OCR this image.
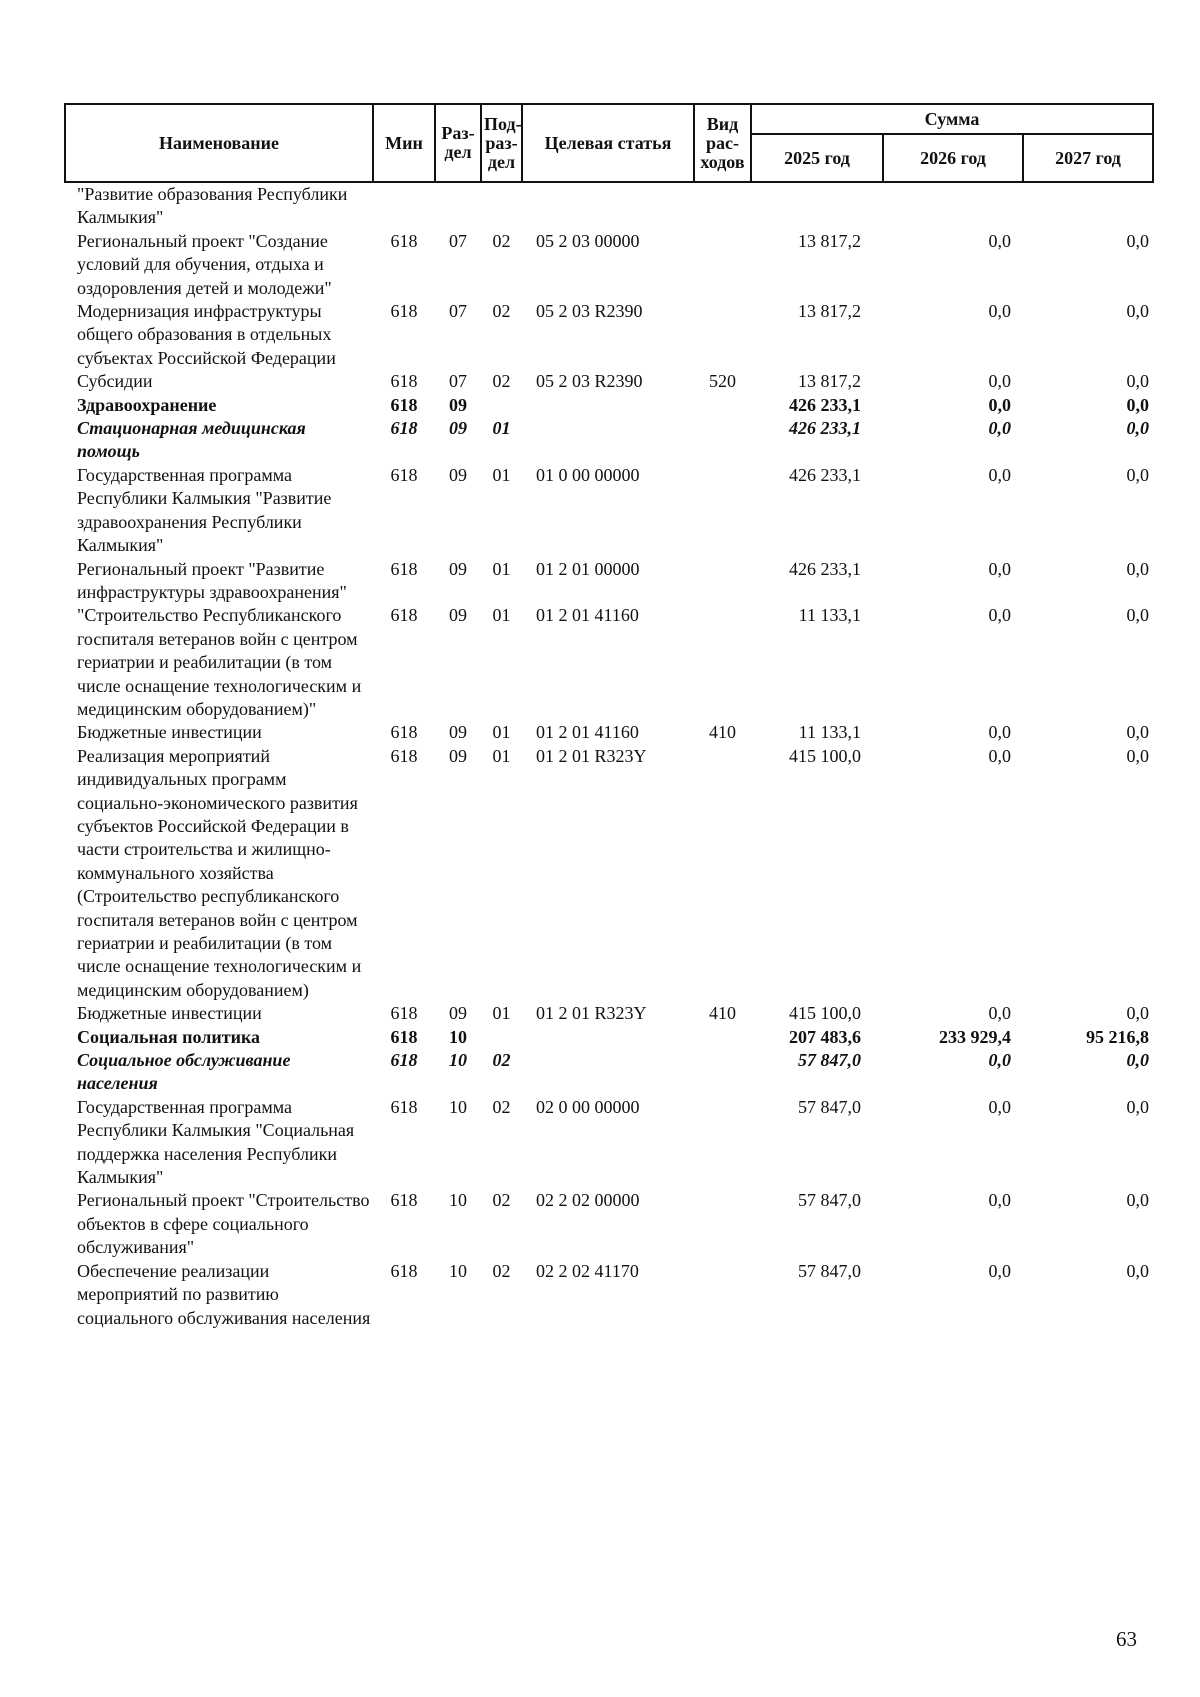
Наименование	Мин	Раз- дел	Под- раз- дел	Целевая статья	Вид рас- ходов	Сумма		
						2025 год	2026 год	2027 год
"Развитие образования Республики Калмыкия"								
Региональный проект "Создание условий для обучения, отдыха и оздоровления детей и молодежи"	618	07	02	05 2 03 00000		13 817,2	0,0	0,0
Модернизация инфраструктуры общего образования в отдельных субъектах Российской Федерации	618	07	02	05 2 03 R2390		13 817,2	0,0	0,0
Субсидии	618	07	02	05 2 03 R2390	520	13 817,2	0,0	0,0
Здравоохранение	618	09				426 233,1	0,0	0,0
Стационарная медицинская помощь	618	09	01			426 233,1	0,0	0,0
Государственная программа Республики Калмыкия "Развитие здравоохранения Республики Калмыкия"	618	09	01	01 0 00 00000		426 233,1	0,0	0,0
Региональный проект "Развитие инфраструктуры здравоохранения"	618	09	01	01 2 01 00000		426 233,1	0,0	0,0
"Строительство Республиканского госпиталя ветеранов войн с центром гериатрии и реабилитации (в том числе оснащение технологическим и медицинским оборудованием)"	618	09	01	01 2 01 41160		11 133,1	0,0	0,0
Бюджетные инвестиции	618	09	01	01 2 01 41160	410	11 133,1	0,0	0,0
Реализация мероприятий индивидуальных программ социально-экономического развития субъектов Российской Федерации в части строительства и жилищно-коммунального хозяйства (Строительство республиканского госпиталя ветеранов войн с центром гериатрии и реабилитации (в том числе оснащение технологическим и медицинским оборудованием)	618	09	01	01 2 01 R323Y		415 100,0	0,0	0,0
Бюджетные инвестиции	618	09	01	01 2 01 R323Y	410	415 100,0	0,0	0,0
Социальная политика	618	10				207 483,6	233 929,4	95 216,8
Социальное обслуживание населения	618	10	02			57 847,0	0,0	0,0
Государственная программа Республики Калмыкия "Социальная поддержка населения Республики Калмыкия"	618	10	02	02 0 00 00000		57 847,0	0,0	0,0
Региональный проект "Строительство объектов в сфере социального обслуживания"	618	10	02	02 2 02 00000		57 847,0	0,0	0,0
Обеспечение реализации мероприятий по развитию социального обслуживания населения	618	10	02	02 2 02 41170		57 847,0	0,0	0,0
63
